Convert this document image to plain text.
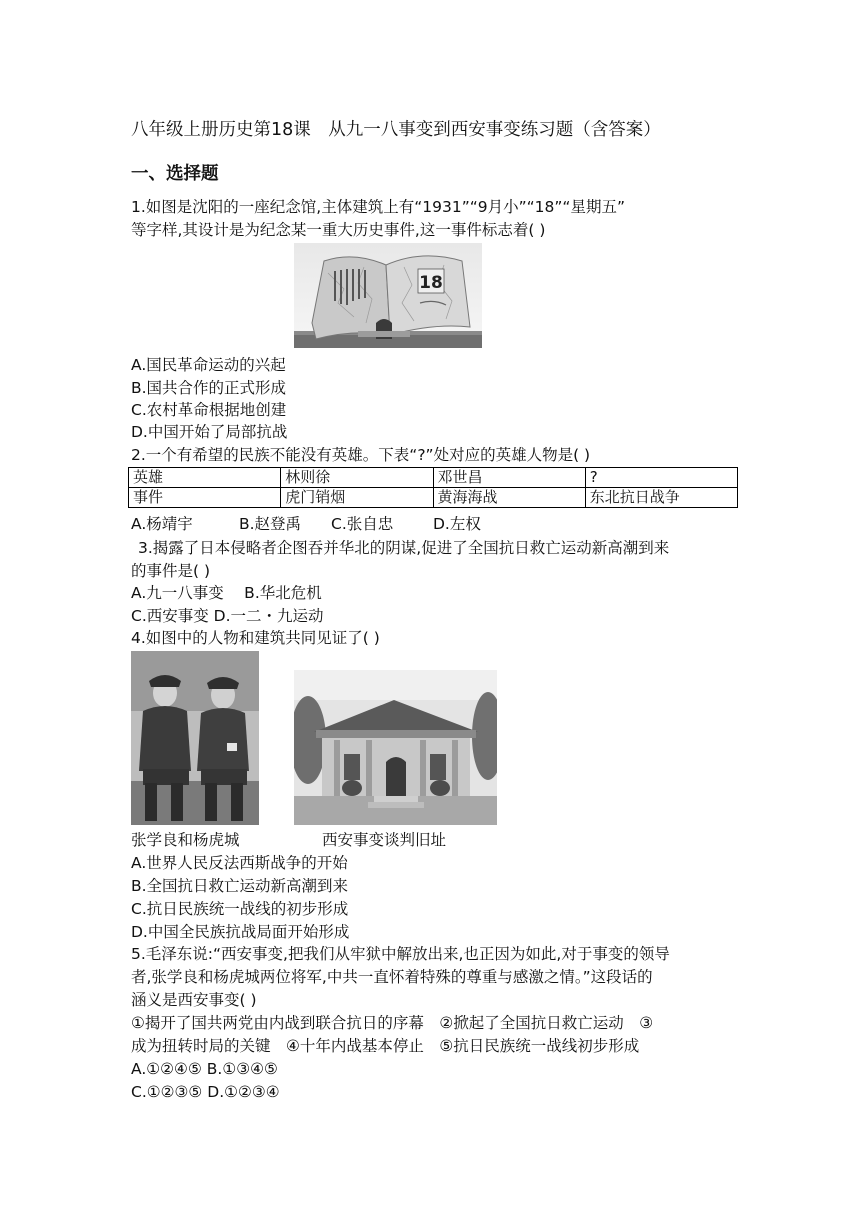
八年级上册历史第18课　从九一八事变到西安事变练习题（含答案）
一、选择题
1.如图是沈阳的一座纪念馆,主体建筑上有“1931”“9月小”“18”“星期五”
等字样,其设计是为纪念某一重大历史事件,这一事件标志着( )
18
A.国民革命运动的兴起
B.国共合作的正式形成
C.农村革命根据地创建
D.中国开始了局部抗战
2.一个有希望的民族不能没有英雄。下表“?”处对应的英雄人物是( )
英雄	林则徐	邓世昌	?
事件	虎门销烟	黄海海战	东北抗日战争
A.杨靖宇	B.赵登禹 C.张自忠	D.左权
3.揭露了日本侵略者企图吞并华北的阴谋,促进了全国抗日救亡运动新高潮到来
的事件是( )
A.九一八事变　 B.华北危机
C.西安事变 D.一二・九运动
4.如图中的人物和建筑共同见证了( )
张学良和杨虎城	西安事变谈判旧址
A.世界人民反法西斯战争的开始
B.全国抗日救亡运动新高潮到来
C.抗日民族统一战线的初步形成
D.中国全民族抗战局面开始形成
5.毛泽东说:“西安事变,把我们从牢狱中解放出来,也正因为如此,对于事变的领导
者,张学良和杨虎城两位将军,中共一直怀着特殊的尊重与感激之情。”这段话的
涵义是西安事变( )
①揭开了国共两党由内战到联合抗日的序幕　②掀起了全国抗日救亡运动　③
成为扭转时局的关键　④十年内战基本停止　⑤抗日民族统一战线初步形成
A.①②④⑤ B.①③④⑤
C.①②③⑤ D.①②③④
